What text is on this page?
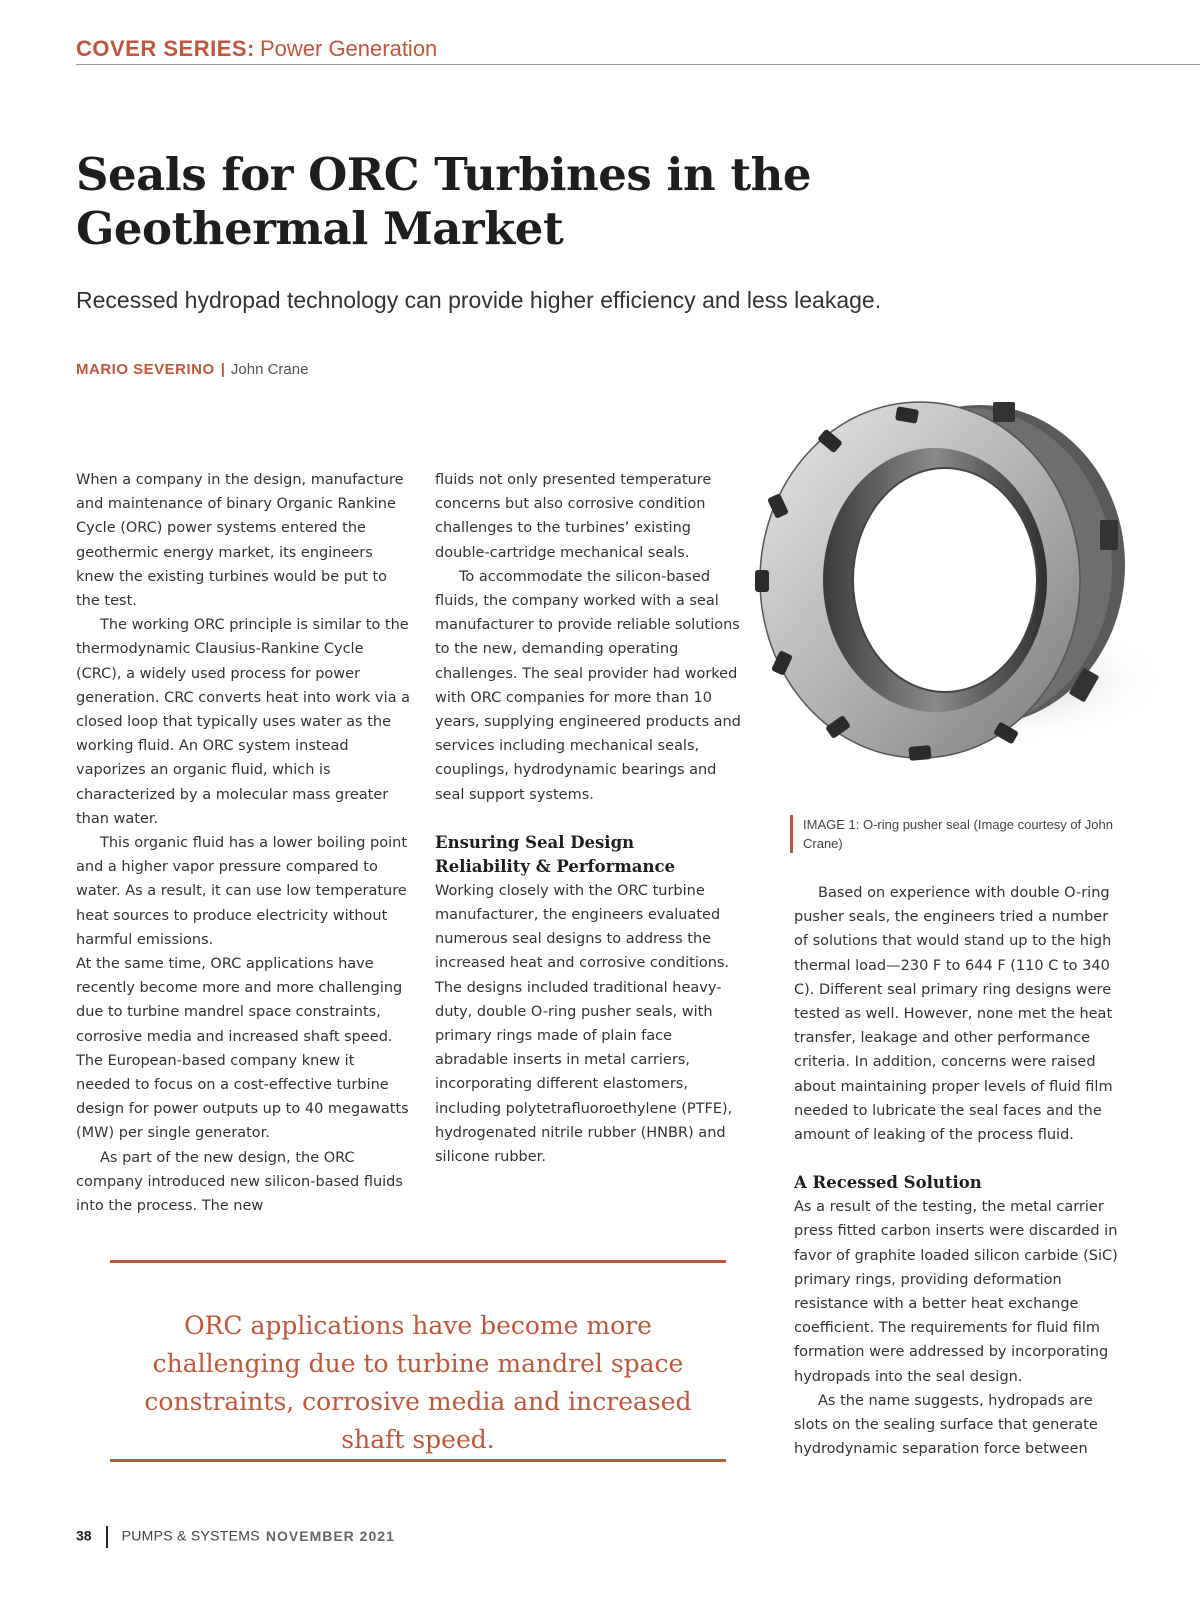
COVER SERIES: Power Generation
Seals for ORC Turbines in the
Geothermal Market
Recessed hydropad technology can provide higher efficiency and less leakage.
MARIO SEVERINO | John Crane

When a company in the design, manufacture and maintenance of binary Organic Rankine Cycle (ORC) power systems entered the geothermic energy market, its engineers knew the existing turbines would be put to the test.

The working ORC principle is similar to the thermodynamic Clausius-Rankine Cycle (CRC), a widely used process for power generation. CRC converts heat into work via a closed loop that typically uses water as the working fluid. An ORC system instead vaporizes an organic fluid, which is characterized by a molecular mass greater than water.

This organic fluid has a lower boiling point and a higher vapor pressure compared to water. As a result, it can use low temperature heat sources to produce electricity without harmful emissions.

At the same time, ORC applications have recently become more and more challenging due to turbine mandrel space constraints, corrosive media and increased shaft speed. The European-based company knew it needed to focus on a cost-effective turbine design for power outputs up to 40 megawatts (MW) per single generator.

As part of the new design, the ORC company introduced new silicon-based fluids into the process. The new

fluids not only presented temperature concerns but also corrosive condition challenges to the turbines’ existing double-cartridge mechanical seals.

To accommodate the silicon-based fluids, the company worked with a seal manufacturer to provide reliable solutions to the new, demanding operating challenges. The seal provider had worked with ORC companies for more than 10 years, supplying engineered products and services including mechanical seals, couplings, hydrodynamic bearings and seal support systems.

Ensuring Seal Design
Reliability & Performance

Working closely with the ORC turbine manufacturer, the engineers evaluated numerous seal designs to address the increased heat and corrosive conditions. The designs included traditional heavy-duty, double O-ring pusher seals, with primary rings made of plain face abradable inserts in metal carriers, incorporating different elastomers, including polytetrafluoroethylene (PTFE), hydrogenated nitrile rubber (HNBR) and silicone rubber.

IMAGE 1: O-ring pusher seal (Image courtesy of John Crane)

Based on experience with double O-ring pusher seals, the engineers tried a number of solutions that would stand up to the high thermal load—230 F to 644 F (110 C to 340 C). Different seal primary ring designs were tested as well. However, none met the heat transfer, leakage and other performance criteria. In addition, concerns were raised about maintaining proper levels of fluid film needed to lubricate the seal faces and the amount of leaking of the process fluid.

A Recessed Solution

As a result of the testing, the metal carrier press fitted carbon inserts were discarded in favor of graphite loaded silicon carbide (SiC) primary rings, providing deformation resistance with a better heat exchange coefficient. The requirements for fluid film formation were addressed by incorporating hydropads into the seal design.

As the name suggests, hydropads are slots on the sealing surface that generate hydrodynamic separation force between

ORC applications have become more challenging due to turbine mandrel space constraints, corrosive media and increased shaft speed.
38 PUMPS & SYSTEMS NOVEMBER 2021
